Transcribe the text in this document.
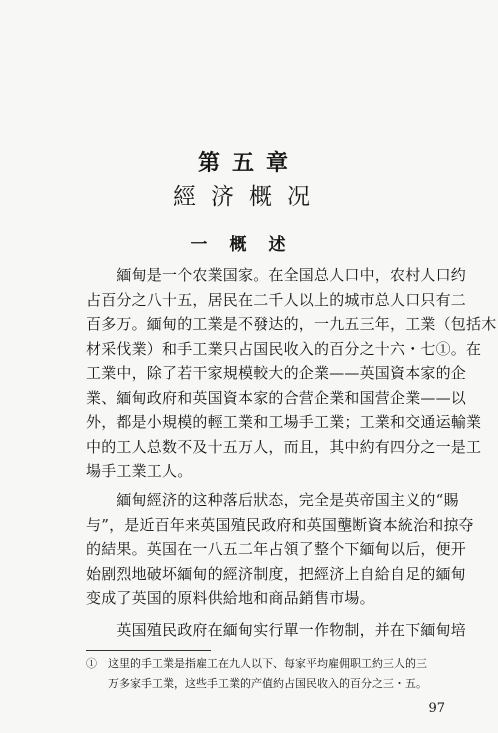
第五章
經济概况
一概述
　　緬甸是一个农業国家。在全国总人口中，农村人口约
占百分之八十五，居民在二千人以上的城市总人口只有二
百多万。緬甸的工業是不發达的，一九五三年，工業（包括木
材采伐業）和手工業只占国民收入的百分之十六・七①。在
工業中，除了若干家規模較大的企業——英国資本家的企
業、緬甸政府和英国資本家的合营企業和国营企業——以
外，都是小規模的輕工業和工場手工業；工業和交通运輸業
中的工人总数不及十五万人，而且，其中約有四分之一是工
場手工業工人。
　　緬甸經济的这种落后狀态，完全是英帝国主义的“賜
与”，是近百年来英国殖民政府和英国壟断資本統治和掠夺
的結果。英国在一八五二年占領了整个下緬甸以后，便开
始剧烈地破坏緬甸的經济制度，把經济上自給自足的緬甸
变成了英国的原料供給地和商品銷售市場。
　　英国殖民政府在緬甸实行單一作物制，并在下緬甸培
①　这里的手工業是指雇工在九人以下、每家平均雇佣职工約三人的三
　　万多家手工業，这些手工業的产值約占国民收入的百分之三・五。
97
